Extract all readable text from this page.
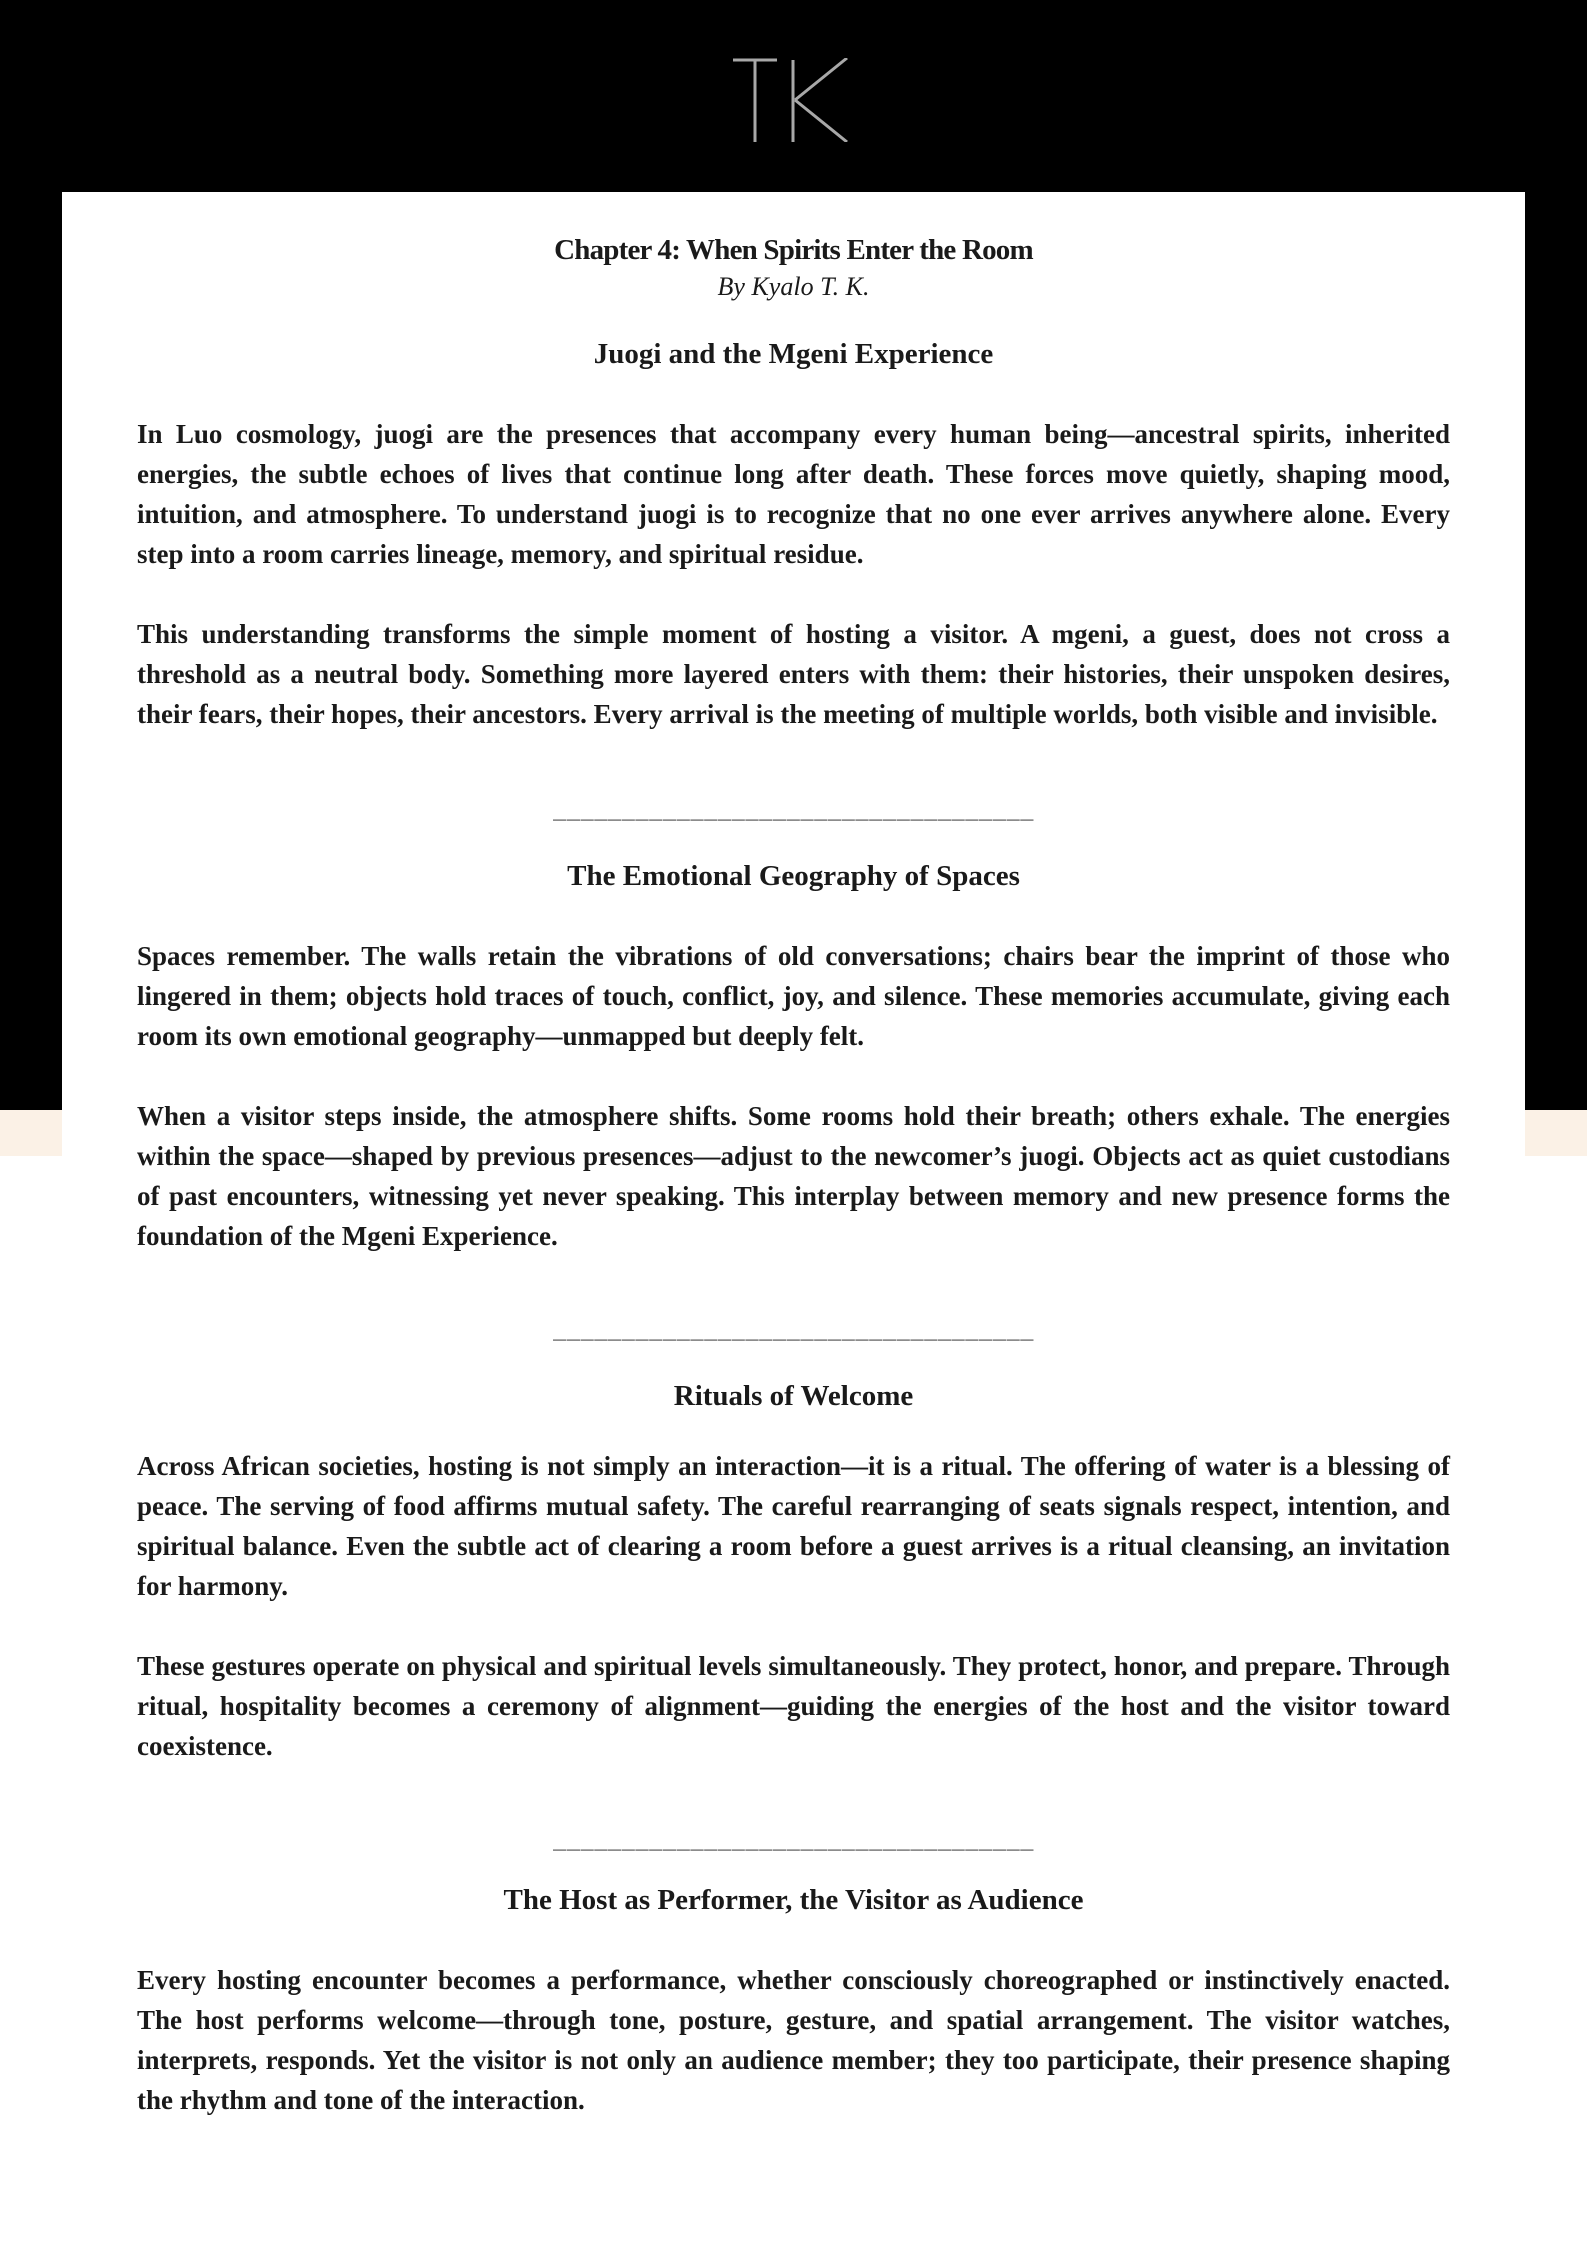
Chapter 4: When Spirits Enter the Room
By Kyalo T. K.
Juogi and the Mgeni Experience

In Luo cosmology, juogi are the presences that accompany every human being—ancestral spirits, inherited energies, the subtle echoes of lives that continue long after death. These forces move quietly, shaping mood, intuition, and atmosphere. To understand juogi is to recognize that no one ever arrives anywhere alone. Every step into a room carries lineage, memory, and spiritual residue.

This understanding transforms the simple moment of hosting a visitor. A mgeni, a guest, does not cross a threshold as a neutral body. Something more layered enters with them: their histories, their unspoken desires, their fears, their hopes, their ancestors. Every arrival is the meeting of multiple worlds, both visible and invisible.

___________________________________
The Emotional Geography of Spaces

Spaces remember. The walls retain the vibrations of old conversations; chairs bear the imprint of those who lingered in them; objects hold traces of touch, conflict, joy, and silence. These memories accumulate, giving each room its own emotional geography—unmapped but deeply felt.

When a visitor steps inside, the atmosphere shifts. Some rooms hold their breath; others exhale. The energies within the space—shaped by previous presences—adjust to the newcomer’s juogi. Objects act as quiet custodians of past encounters, witnessing yet never speaking. This interplay between memory and new presence forms the foundation of the Mgeni Experience.

___________________________________
Rituals of Welcome

Across African societies, hosting is not simply an interaction—it is a ritual. The offering of water is a blessing of peace. The serving of food affirms mutual safety. The careful rearranging of seats signals respect, intention, and spiritual balance. Even the subtle act of clearing a room before a guest arrives is a ritual cleansing, an invitation for harmony.

These gestures operate on physical and spiritual levels simultaneously. They protect, honor, and prepare. Through ritual, hospitality becomes a ceremony of alignment—guiding the energies of the host and the visitor toward coexistence.

___________________________________
The Host as Performer, the Visitor as Audience

Every hosting encounter becomes a performance, whether consciously choreographed or instinctively enacted. The host performs welcome—through tone, posture, gesture, and spatial arrangement. The visitor watches, interprets, responds. Yet the visitor is not only an audience member; they too participate, their presence shaping the rhythm and tone of the interaction.
